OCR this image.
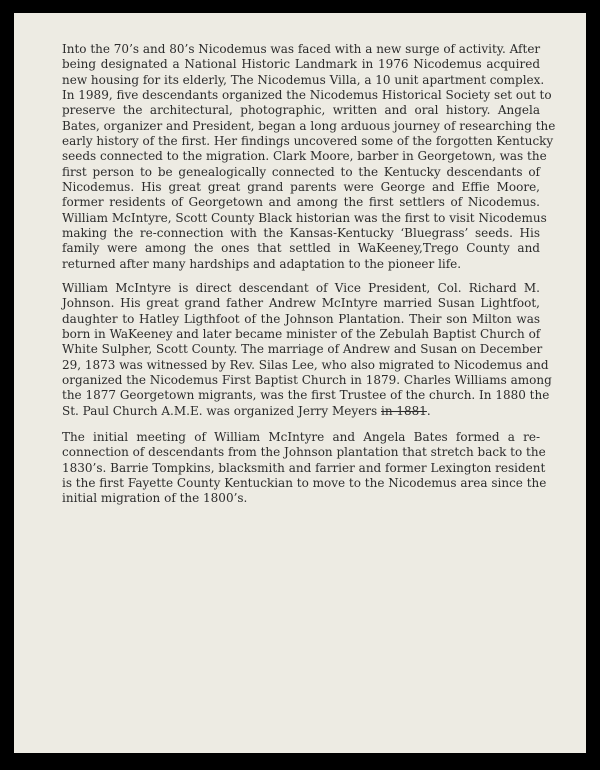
Into the 70’s and 80’s Nicodemus was faced with a new surge of activity. After
being designated a National Historic Landmark in 1976 Nicodemus acquired
new housing for its elderly, The Nicodemus Villa, a 10 unit apartment complex.
In 1989, five descendants organized the Nicodemus Historical Society set out to
preserve the architectural, photographic, written and oral history. Angela
Bates, organizer and President, began a long arduous journey of researching the
early history of the first. Her findings uncovered some of the forgotten Kentucky
seeds connected to the migration. Clark Moore, barber in Georgetown, was the
first person to be genealogically connected to the Kentucky descendants of
Nicodemus. His great great grand parents were George and Effie Moore,
former residents of Georgetown and among the first settlers of Nicodemus.
William McIntyre, Scott County Black historian was the first to visit Nicodemus
making the re-connection with the Kansas-Kentucky ‘Bluegrass’ seeds. His
family were among the ones that settled in WaKeeney,Trego County and
returned after many hardships and adaptation to the pioneer life.
William McIntyre is direct descendant of Vice President, Col. Richard M.
Johnson. His great grand father Andrew McIntyre married Susan Lightfoot,
daughter to Hatley Ligthfoot of the Johnson Plantation. Their son Milton was
born in WaKeeney and later became minister of the Zebulah Baptist Church of
White Sulpher, Scott County. The marriage of Andrew and Susan on December
29, 1873 was witnessed by Rev. Silas Lee, who also migrated to Nicodemus and
organized the Nicodemus First Baptist Church in 1879. Charles Williams among
the 1877 Georgetown migrants, was the first Trustee of the church. In 1880 the
St. Paul Church A.M.E. was organized Jerry Meyers in 1881.
The initial meeting of William McIntyre and Angela Bates formed a re-
connection of descendants from the Johnson plantation that stretch back to the
1830’s. Barrie Tompkins, blacksmith and farrier and former Lexington resident
is the first Fayette County Kentuckian to move to the Nicodemus area since the
initial migration of the 1800’s.
